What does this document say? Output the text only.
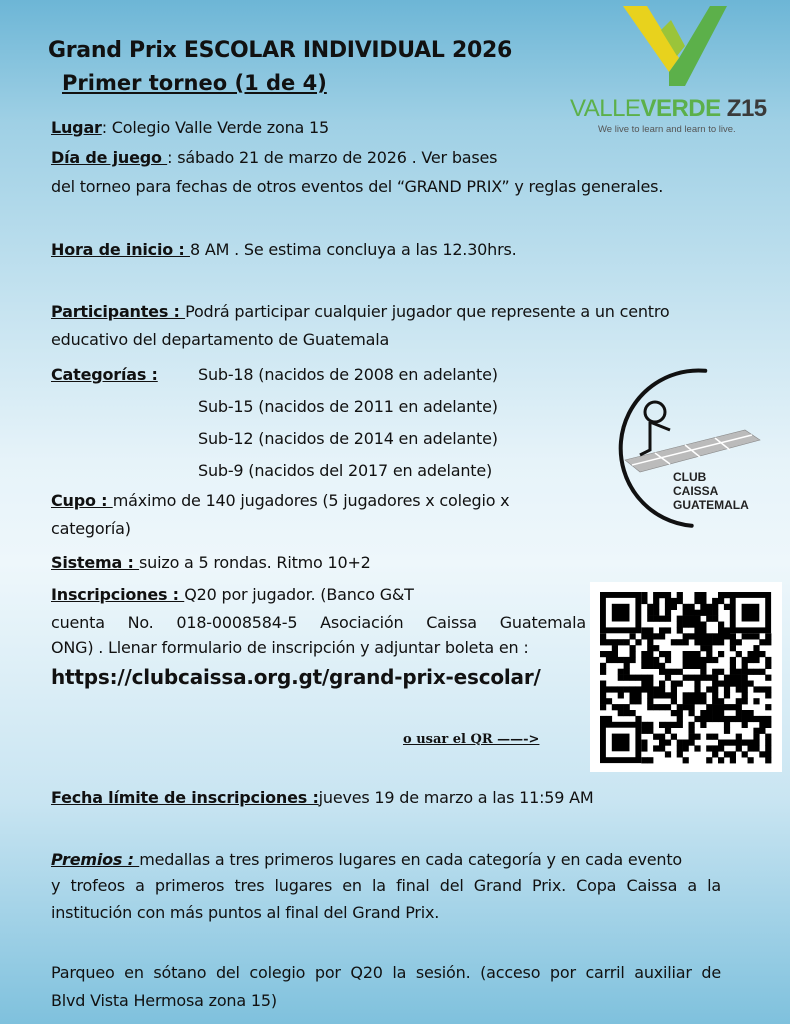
VALLEVERDE Z15
We live to learn and learn to live.
Grand Prix ESCOLAR INDIVIDUAL 2026
Primer torneo (1 de 4)
Lugar: Colegio Valle Verde zona 15
Día de juego : sábado 21 de marzo de 2026 . Ver bases
del torneo para fechas de otros eventos del “GRAND PRIX” y reglas generales.
Hora de inicio : 8 AM . Se estima concluya a las 12.30hrs.
Participantes : Podrá participar cualquier jugador que represente a un centro
educativo del departamento de Guatemala
Categorías :	Sub-18 (nacidos de 2008 en adelante)
Sub-15 (nacidos de 2011 en adelante)
Sub-12 (nacidos de 2014 en adelante)
Sub-9 (nacidos del 2017 en adelante)	CLUB
CAISSA
GUATEMALA
Cupo : máximo de 140 jugadores (5 jugadores x colegio x
categoría)
Sistema : suizo a 5 rondas. Ritmo 10+2
Inscripciones : Q20 por jugador. (Banco G&T
cuenta No. 018-0008584-5 Asociación Caissa Guatemala
ONG) . Llenar formulario de inscripción y adjuntar boleta en :
https://clubcaissa.org.gt/grand-prix-escolar/
o usar el QR ——->
Fecha límite de inscripciones :jueves 19 de marzo a las 11:59 AM
Premios : medallas a tres primeros lugares en cada categoría y en cada evento
y trofeos a primeros tres lugares en la final del Grand Prix. Copa Caissa a la
institución con más puntos al final del Grand Prix.
Parqueo en sótano del colegio por Q20 la sesión. (acceso por carril auxiliar de
Blvd Vista Hermosa zona 15)
